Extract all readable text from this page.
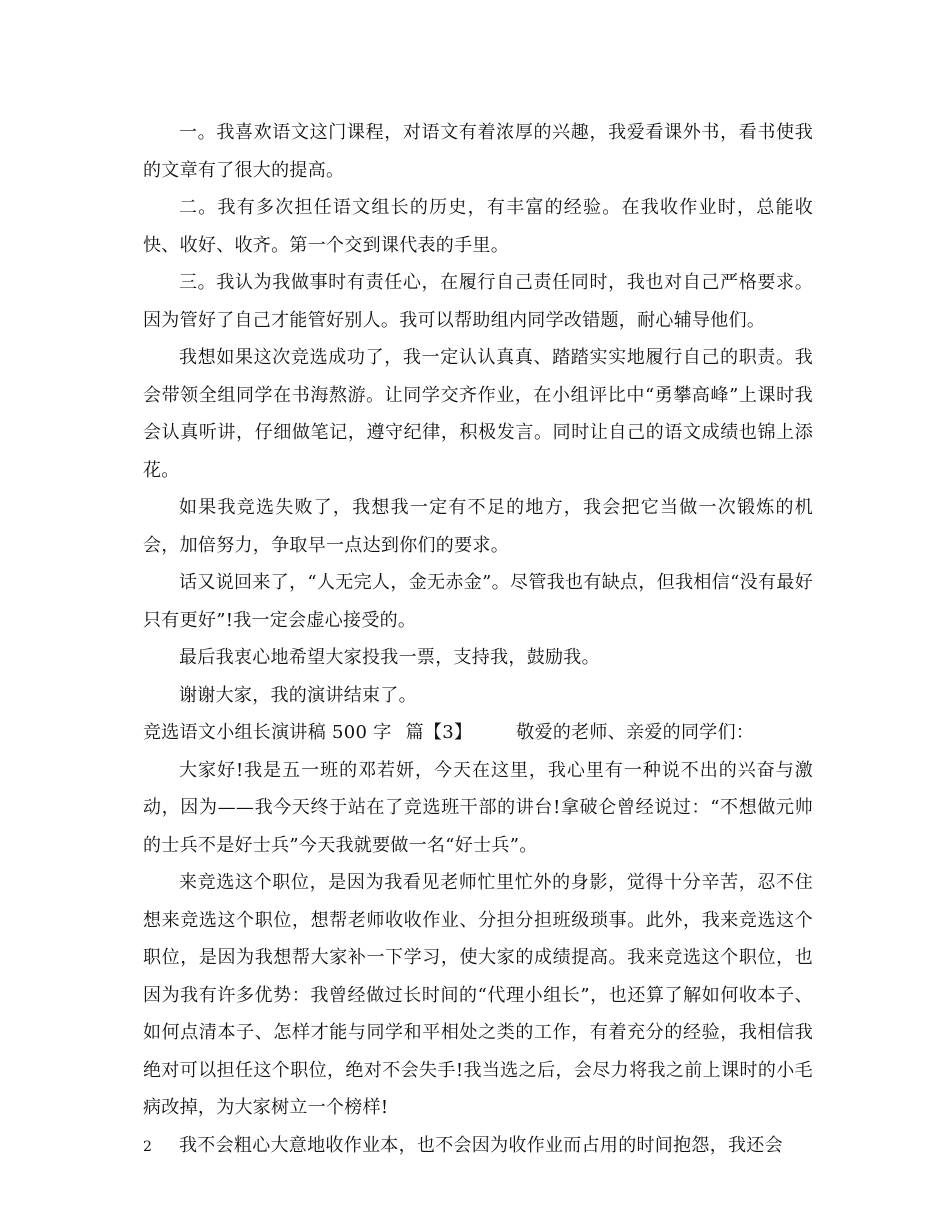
一。我喜欢语文这门课程，对语文有着浓厚的兴趣，我爱看课外书，看书使我的文章有了很大的提高。

二。我有多次担任语文组长的历史，有丰富的经验。在我收作业时，总能收快、收好、收齐。第一个交到课代表的手里。

三。我认为我做事时有责任心，在履行自己责任同时，我也对自己严格要求。因为管好了自己才能管好别人。我可以帮助组内同学改错题，耐心辅导他们。

我想如果这次竞选成功了，我一定认认真真、踏踏实实地履行自己的职责。我会带领全组同学在书海熬游。让同学交齐作业，在小组评比中“勇攀高峰”上课时我会认真听讲，仔细做笔记，遵守纪律，积极发言。同时让自己的语文成绩也锦上添花。

如果我竞选失败了，我想我一定有不足的地方，我会把它当做一次锻炼的机会，加倍努力，争取早一点达到你们的要求。

话又说回来了，“人无完人，金无赤金”。尽管我也有缺点，但我相信“没有最好只有更好”!我一定会虚心接受的。

最后我衷心地希望大家投我一票，支持我，鼓励我。

谢谢大家，我的演讲结束了。

竞选语文小组长演讲稿 500 字 篇【3】 敬爱的老师、亲爱的同学们：

大家好!我是五一班的邓若妍，今天在这里，我心里有一种说不出的兴奋与激动，因为——我今天终于站在了竞选班干部的讲台!拿破仑曾经说过：“不想做元帅的士兵不是好士兵”今天我就要做一名“好士兵”。

来竞选这个职位，是因为我看见老师忙里忙外的身影，觉得十分辛苦，忍不住想来竞选这个职位，想帮老师收收作业、分担分担班级琐事。此外，我来竞选这个职位，是因为我想帮大家补一下学习，使大家的成绩提高。我来竞选这个职位，也因为我有许多优势：我曾经做过长时间的“代理小组长”，也还算了解如何收本子、如何点清本子、怎样才能与同学和平相处之类的工作，有着充分的经验，我相信我绝对可以担任这个职位，绝对不会失手!我当选之后，会尽力将我之前上课时的小毛病改掉，为大家树立一个榜样!

我不会粗心大意地收作业本，也不会因为收作业而占用的时间抱怨，我还会

2
